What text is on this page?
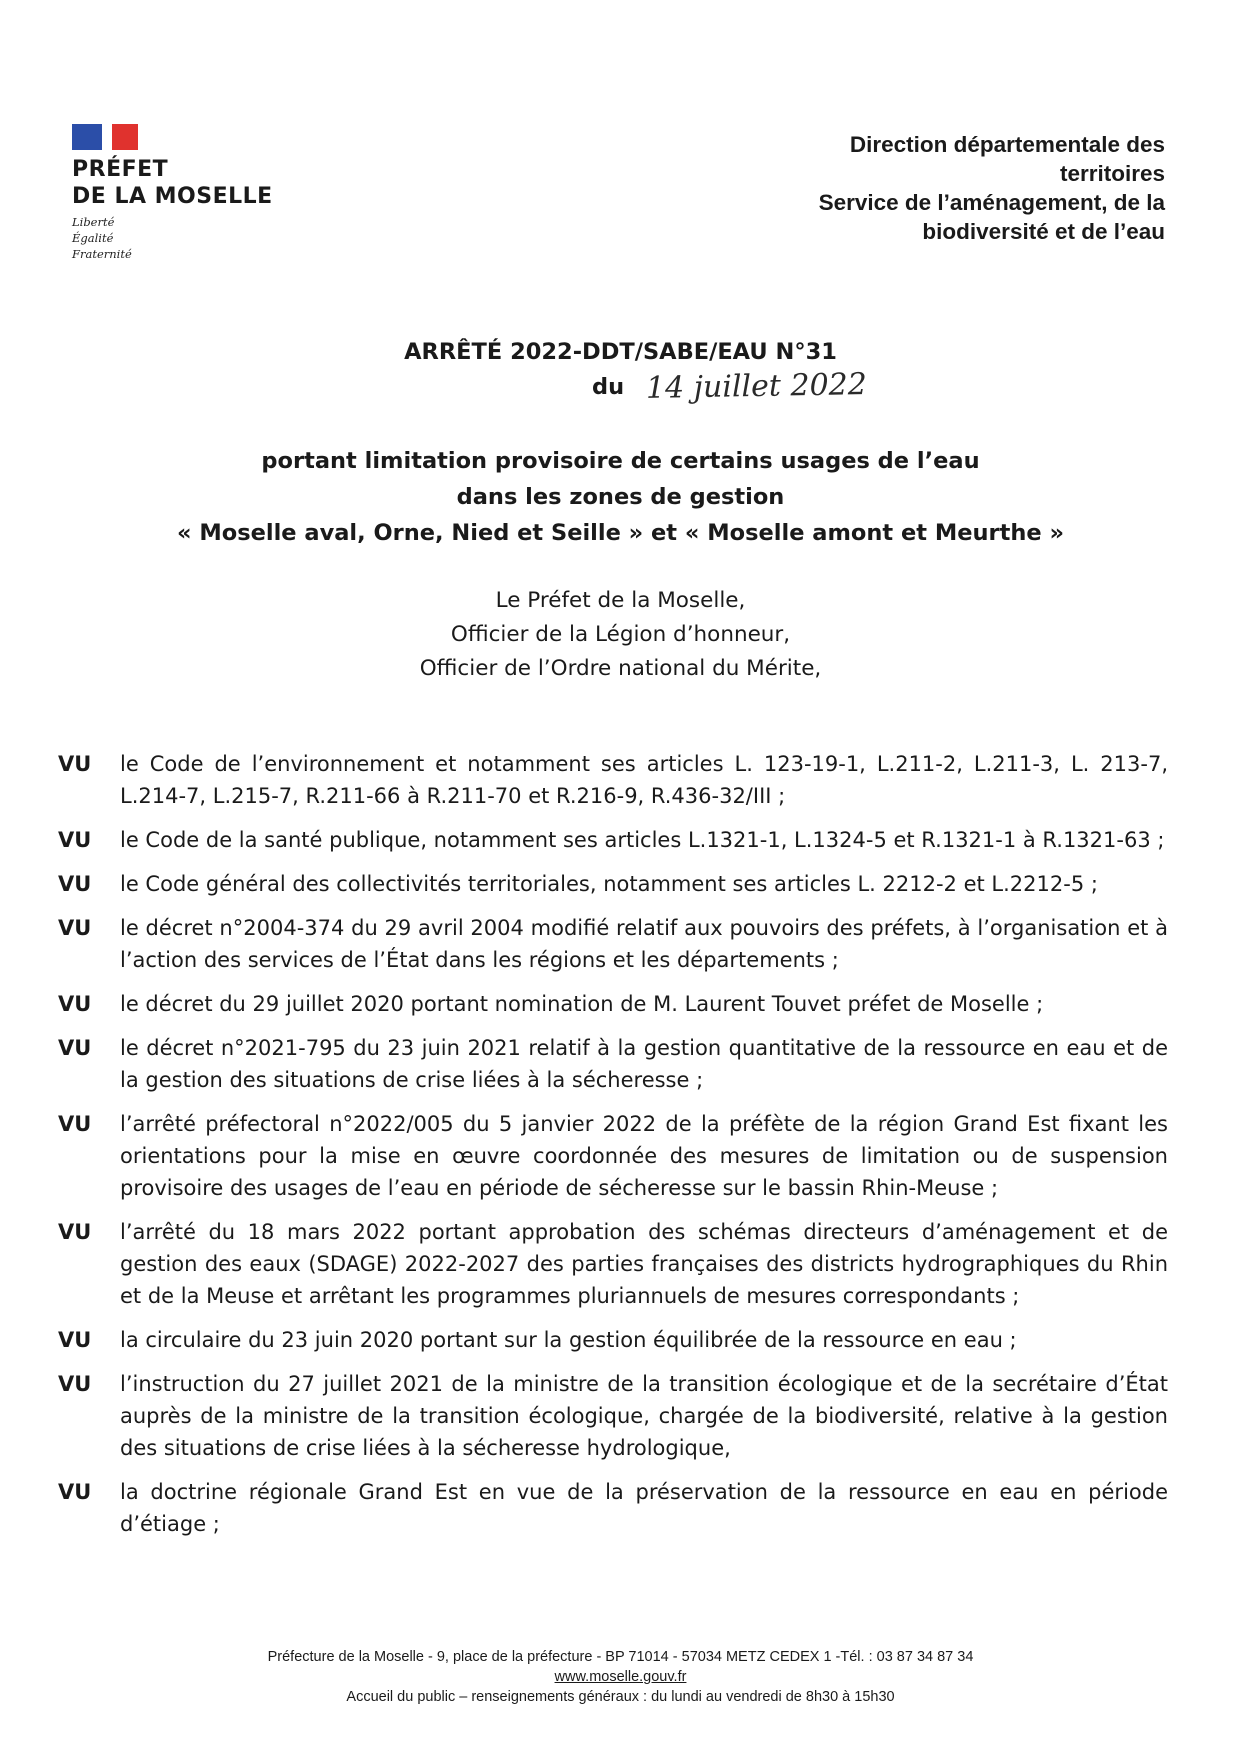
PRÉFET
DE LA MOSELLE
Liberté
Égalité
Fraternité
Direction départementale des
territoires
Service de l’aménagement, de la
biodiversité et de l’eau
ARRÊTÉ 2022-DDT/SABE/EAU N°31
du 14 juillet 2022
portant limitation provisoire de certains usages de l’eau
dans les zones de gestion
« Moselle aval, Orne, Nied et Seille » et « Moselle amont et Meurthe »
Le Préfet de la Moselle,
Officier de la Légion d’honneur,
Officier de l’Ordre national du Mérite,
VU	le Code de l’environnement et notamment ses articles L. 123-19-1, L.211-2, L.211-3, L. 213-7, L.214-7, L.215-7, R.211-66 à R.211-70 et R.216-9, R.436-32/III ;
VU	le Code de la santé publique, notamment ses articles L.1321-1, L.1324-5 et R.1321-1 à R.1321-63 ;
VU	le Code général des collectivités territoriales, notamment ses articles L. 2212-2 et L.2212-5 ;
VU	le décret n°2004-374 du 29 avril 2004 modifié relatif aux pouvoirs des préfets, à l’organisation et à l’action des services de l’État dans les régions et les départements ;
VU	le décret du 29 juillet 2020 portant nomination de M. Laurent Touvet préfet de Moselle ;
VU	le décret n°2021-795 du 23 juin 2021 relatif à la gestion quantitative de la ressource en eau et de la gestion des situations de crise liées à la sécheresse ;
VU	l’arrêté préfectoral n°2022/005 du 5 janvier 2022 de la préfète de la région Grand Est fixant les orientations pour la mise en œuvre coordonnée des mesures de limitation ou de suspension provisoire des usages de l’eau en période de sécheresse sur le bassin Rhin-Meuse ;
VU	l’arrêté du 18 mars 2022 portant approbation des schémas directeurs d’aménagement et de gestion des eaux (SDAGE) 2022-2027 des parties françaises des districts hydrographiques du Rhin et de la Meuse et arrêtant les programmes pluriannuels de mesures correspondants ;
VU	la circulaire du 23 juin 2020 portant sur la gestion équilibrée de la ressource en eau ;
VU	l’instruction du 27 juillet 2021 de la ministre de la transition écologique et de la secrétaire d’État auprès de la ministre de la transition écologique, chargée de la biodiversité, relative à la gestion des situations de crise liées à la sécheresse hydrologique,
VU	la doctrine régionale Grand Est en vue de la préservation de la ressource en eau en période d’étiage ;
Préfecture de la Moselle - 9, place de la préfecture - BP 71014 - 57034 METZ CEDEX 1 -Tél. : 03 87 34 87 34
www.moselle.gouv.fr
Accueil du public – renseignements généraux : du lundi au vendredi de 8h30 à 15h30
